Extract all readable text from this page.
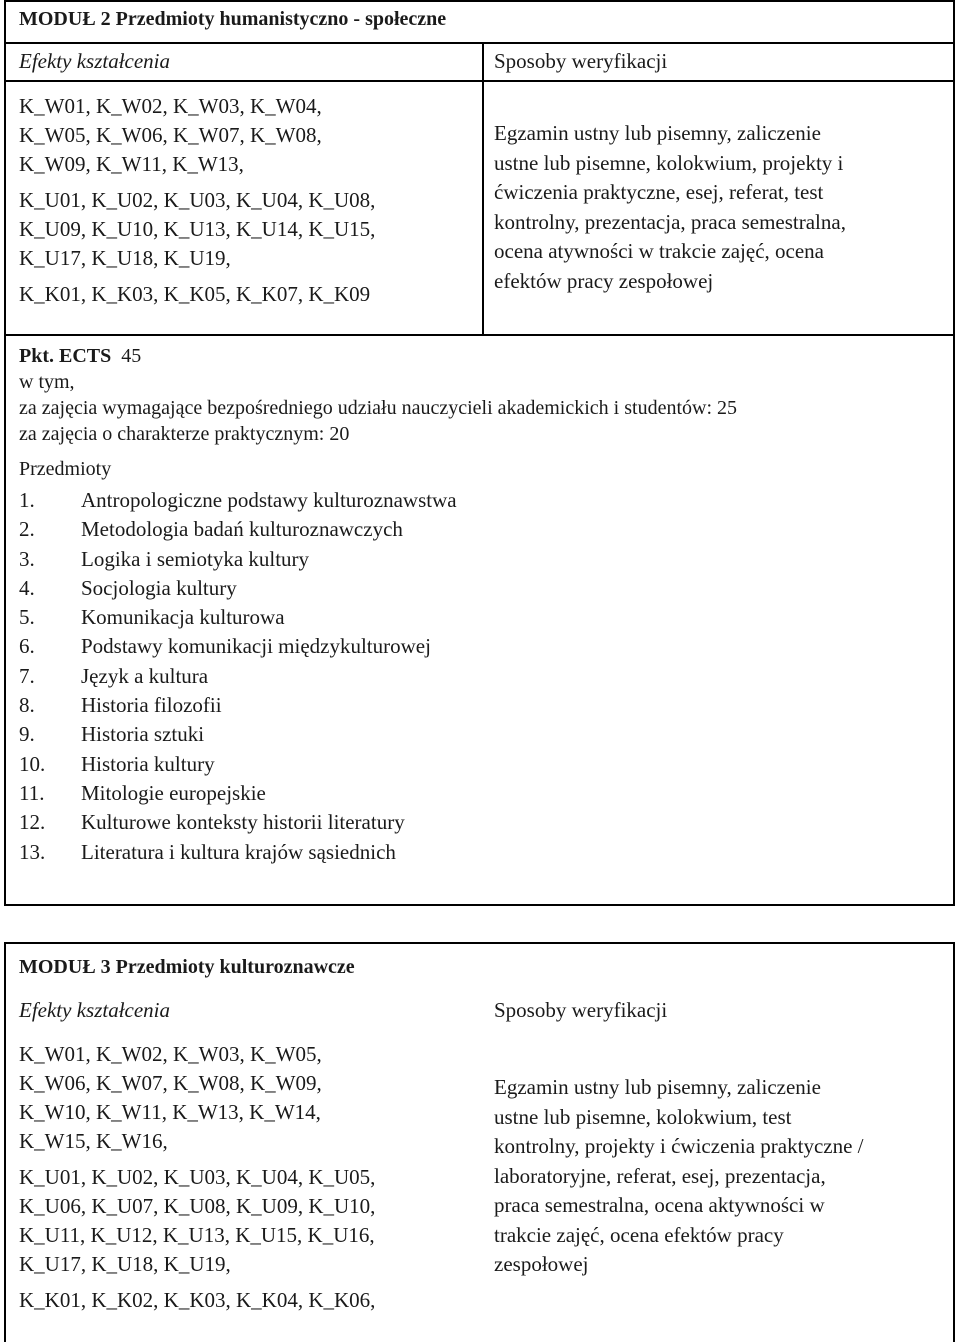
MODUŁ 2 Przedmioty humanistyczno - społeczne
Efekty kształcenia	Sposoby weryfikacji

K_W01, K_W02, K_W03, K_W04,

K_W05, K_W06, K_W07, K_W08,

K_W09, K_W11, K_W13,

K_U01, K_U02, K_U03, K_U04, K_U08,

K_U09, K_U10, K_U13, K_U14, K_U15,

K_U17, K_U18, K_U19,

K_K01, K_K03, K_K05, K_K07, K_K09

Egzamin ustny lub pisemny, zaliczenie
ustne lub pisemne, kolokwium, projekty i
ćwiczenia praktyczne, esej, referat, test
kontrolny, prezentacja, praca semestralna,
ocena atywności w trakcie zajęć, ocena
efektów pracy zespołowej

Pkt. ECTS 45

w tym,

za zajęcia wymagające bezpośredniego udziału nauczycieli akademickich i studentów: 25

za zajęcia o charakterze praktycznym: 20

Przedmioty
1. Antropologiczne podstawy kulturoznawstwa
2. Metodologia badań kulturoznawczych
3. Logika i semiotyka kultury
4. Socjologia kultury
5. Komunikacja kulturowa
6. Podstawy komunikacji międzykulturowej
7. Język a kultura
8. Historia filozofii
9. Historia sztuki
10. Historia kultury
11. Mitologie europejskie
12. Kulturowe konteksty historii literatury
13. Literatura i kultura krajów sąsiednich
MODUŁ 3 Przedmioty kulturoznawcze
Efekty kształcenia	Sposoby weryfikacji

K_W01, K_W02, K_W03, K_W05,

K_W06, K_W07, K_W08, K_W09,

K_W10, K_W11, K_W13, K_W14,

K_W15, K_W16,

K_U01, K_U02, K_U03, K_U04, K_U05,

K_U06, K_U07, K_U08, K_U09, K_U10,

K_U11, K_U12, K_U13, K_U15, K_U16,

K_U17, K_U18, K_U19,

K_K01, K_K02, K_K03, K_K04, K_K06,

Egzamin ustny lub pisemny, zaliczenie
ustne lub pisemne, kolokwium, test
kontrolny, projekty i ćwiczenia praktyczne /
laboratoryjne, referat, esej, prezentacja,
praca semestralna, ocena aktywności w
trakcie zajęć, ocena efektów pracy
zespołowej
